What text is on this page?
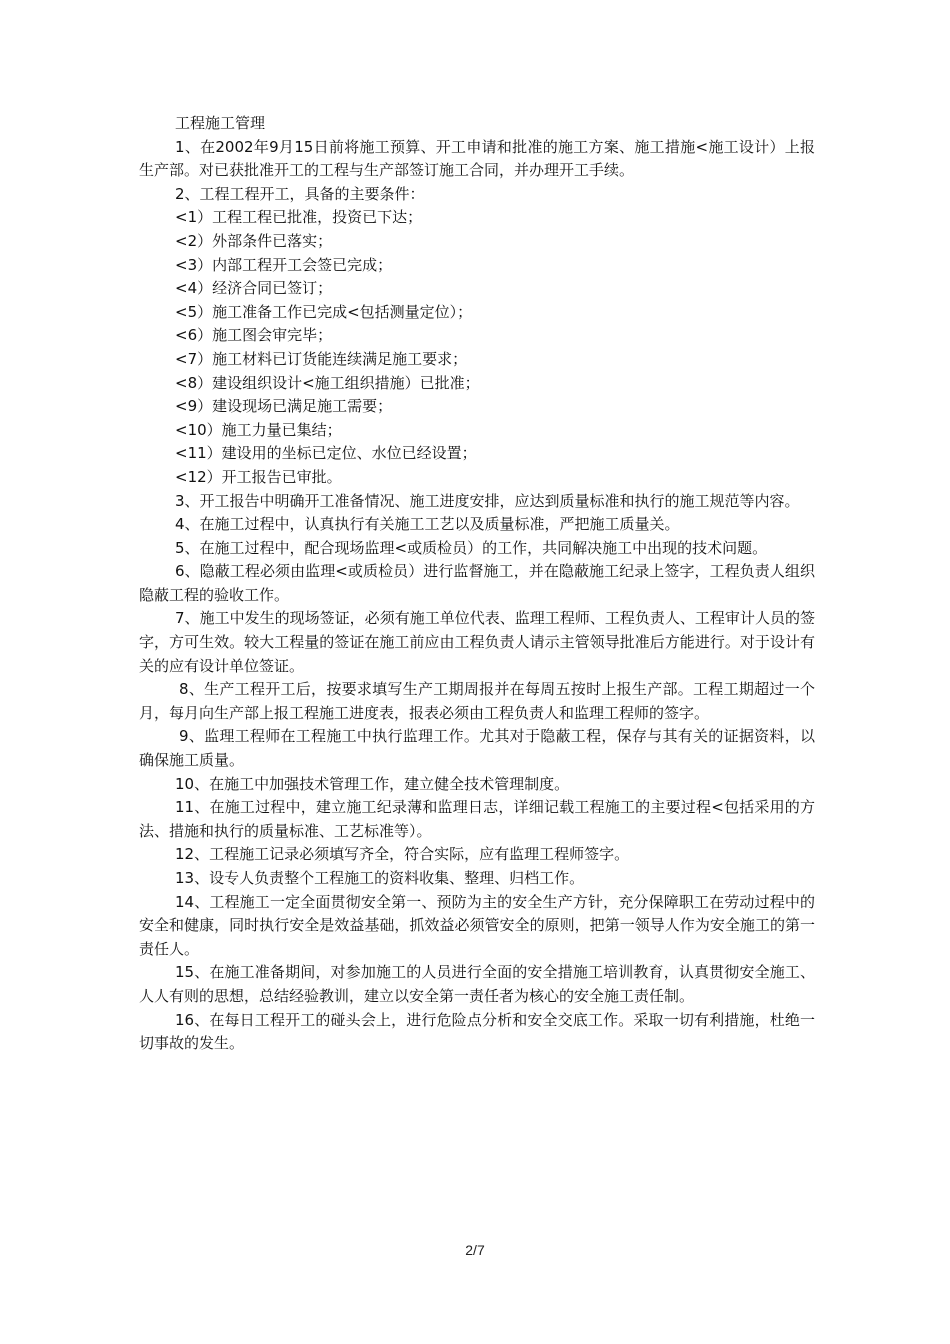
工程施工管理

1、在2002年9月15日前将施工预算、开工申请和批准的施工方案、施工措施<施工设计）上报生产部。对已获批准开工的工程与生产部签订施工合同，并办理开工手续。

2、工程工程开工，具备的主要条件：

<1）工程工程已批准，投资已下达；

<2）外部条件已落实；

<3）内部工程开工会签已完成；

<4）经济合同已签订；

<5）施工准备工作已完成<包括测量定位）；

<6）施工图会审完毕；

<7）施工材料已订货能连续满足施工要求；

<8）建设组织设计<施工组织措施）已批准；

<9）建设现场已满足施工需要；

<10）施工力量已集结；

<11）建设用的坐标已定位、水位已经设置；

<12）开工报告已审批。

3、开工报告中明确开工准备情况、施工进度安排，应达到质量标准和执行的施工规范等内容。

4、在施工过程中，认真执行有关施工工艺以及质量标准，严把施工质量关。

5、在施工过程中，配合现场监理<或质检员）的工作，共同解决施工中出现的技术问题。

6、隐蔽工程必须由监理<或质检员）进行监督施工，并在隐蔽施工纪录上签字，工程负责人组织隐蔽工程的验收工作。

7、施工中发生的现场签证，必须有施工单位代表、监理工程师、工程负责人、工程审计人员的签字，方可生效。较大工程量的签证在施工前应由工程负责人请示主管领导批准后方能进行。对于设计有关的应有设计单位签证。

8、生产工程开工后，按要求填写生产工期周报并在每周五按时上报生产部。工程工期超过一个月，每月向生产部上报工程施工进度表，报表必须由工程负责人和监理工程师的签字。

9、监理工程师在工程施工中执行监理工作。尤其对于隐蔽工程，保存与其有关的证据资料，以确保施工质量。

10、在施工中加强技术管理工作，建立健全技术管理制度。

11、在施工过程中，建立施工纪录薄和监理日志，详细记载工程施工的主要过程<包括采用的方法、措施和执行的质量标准、工艺标准等）。

12、工程施工记录必须填写齐全，符合实际，应有监理工程师签字。

13、设专人负责整个工程施工的资料收集、整理、归档工作。

14、工程施工一定全面贯彻安全第一、预防为主的安全生产方针，充分保障职工在劳动过程中的安全和健康，同时执行安全是效益基础，抓效益必须管安全的原则，把第一领导人作为安全施工的第一责任人。

15、在施工准备期间，对参加施工的人员进行全面的安全措施工培训教育，认真贯彻安全施工、人人有则的思想，总结经验教训，建立以安全第一责任者为核心的安全施工责任制。

16、在每日工程开工的碰头会上，进行危险点分析和安全交底工作。采取一切有利措施，杜绝一切事故的发生。

2/7
